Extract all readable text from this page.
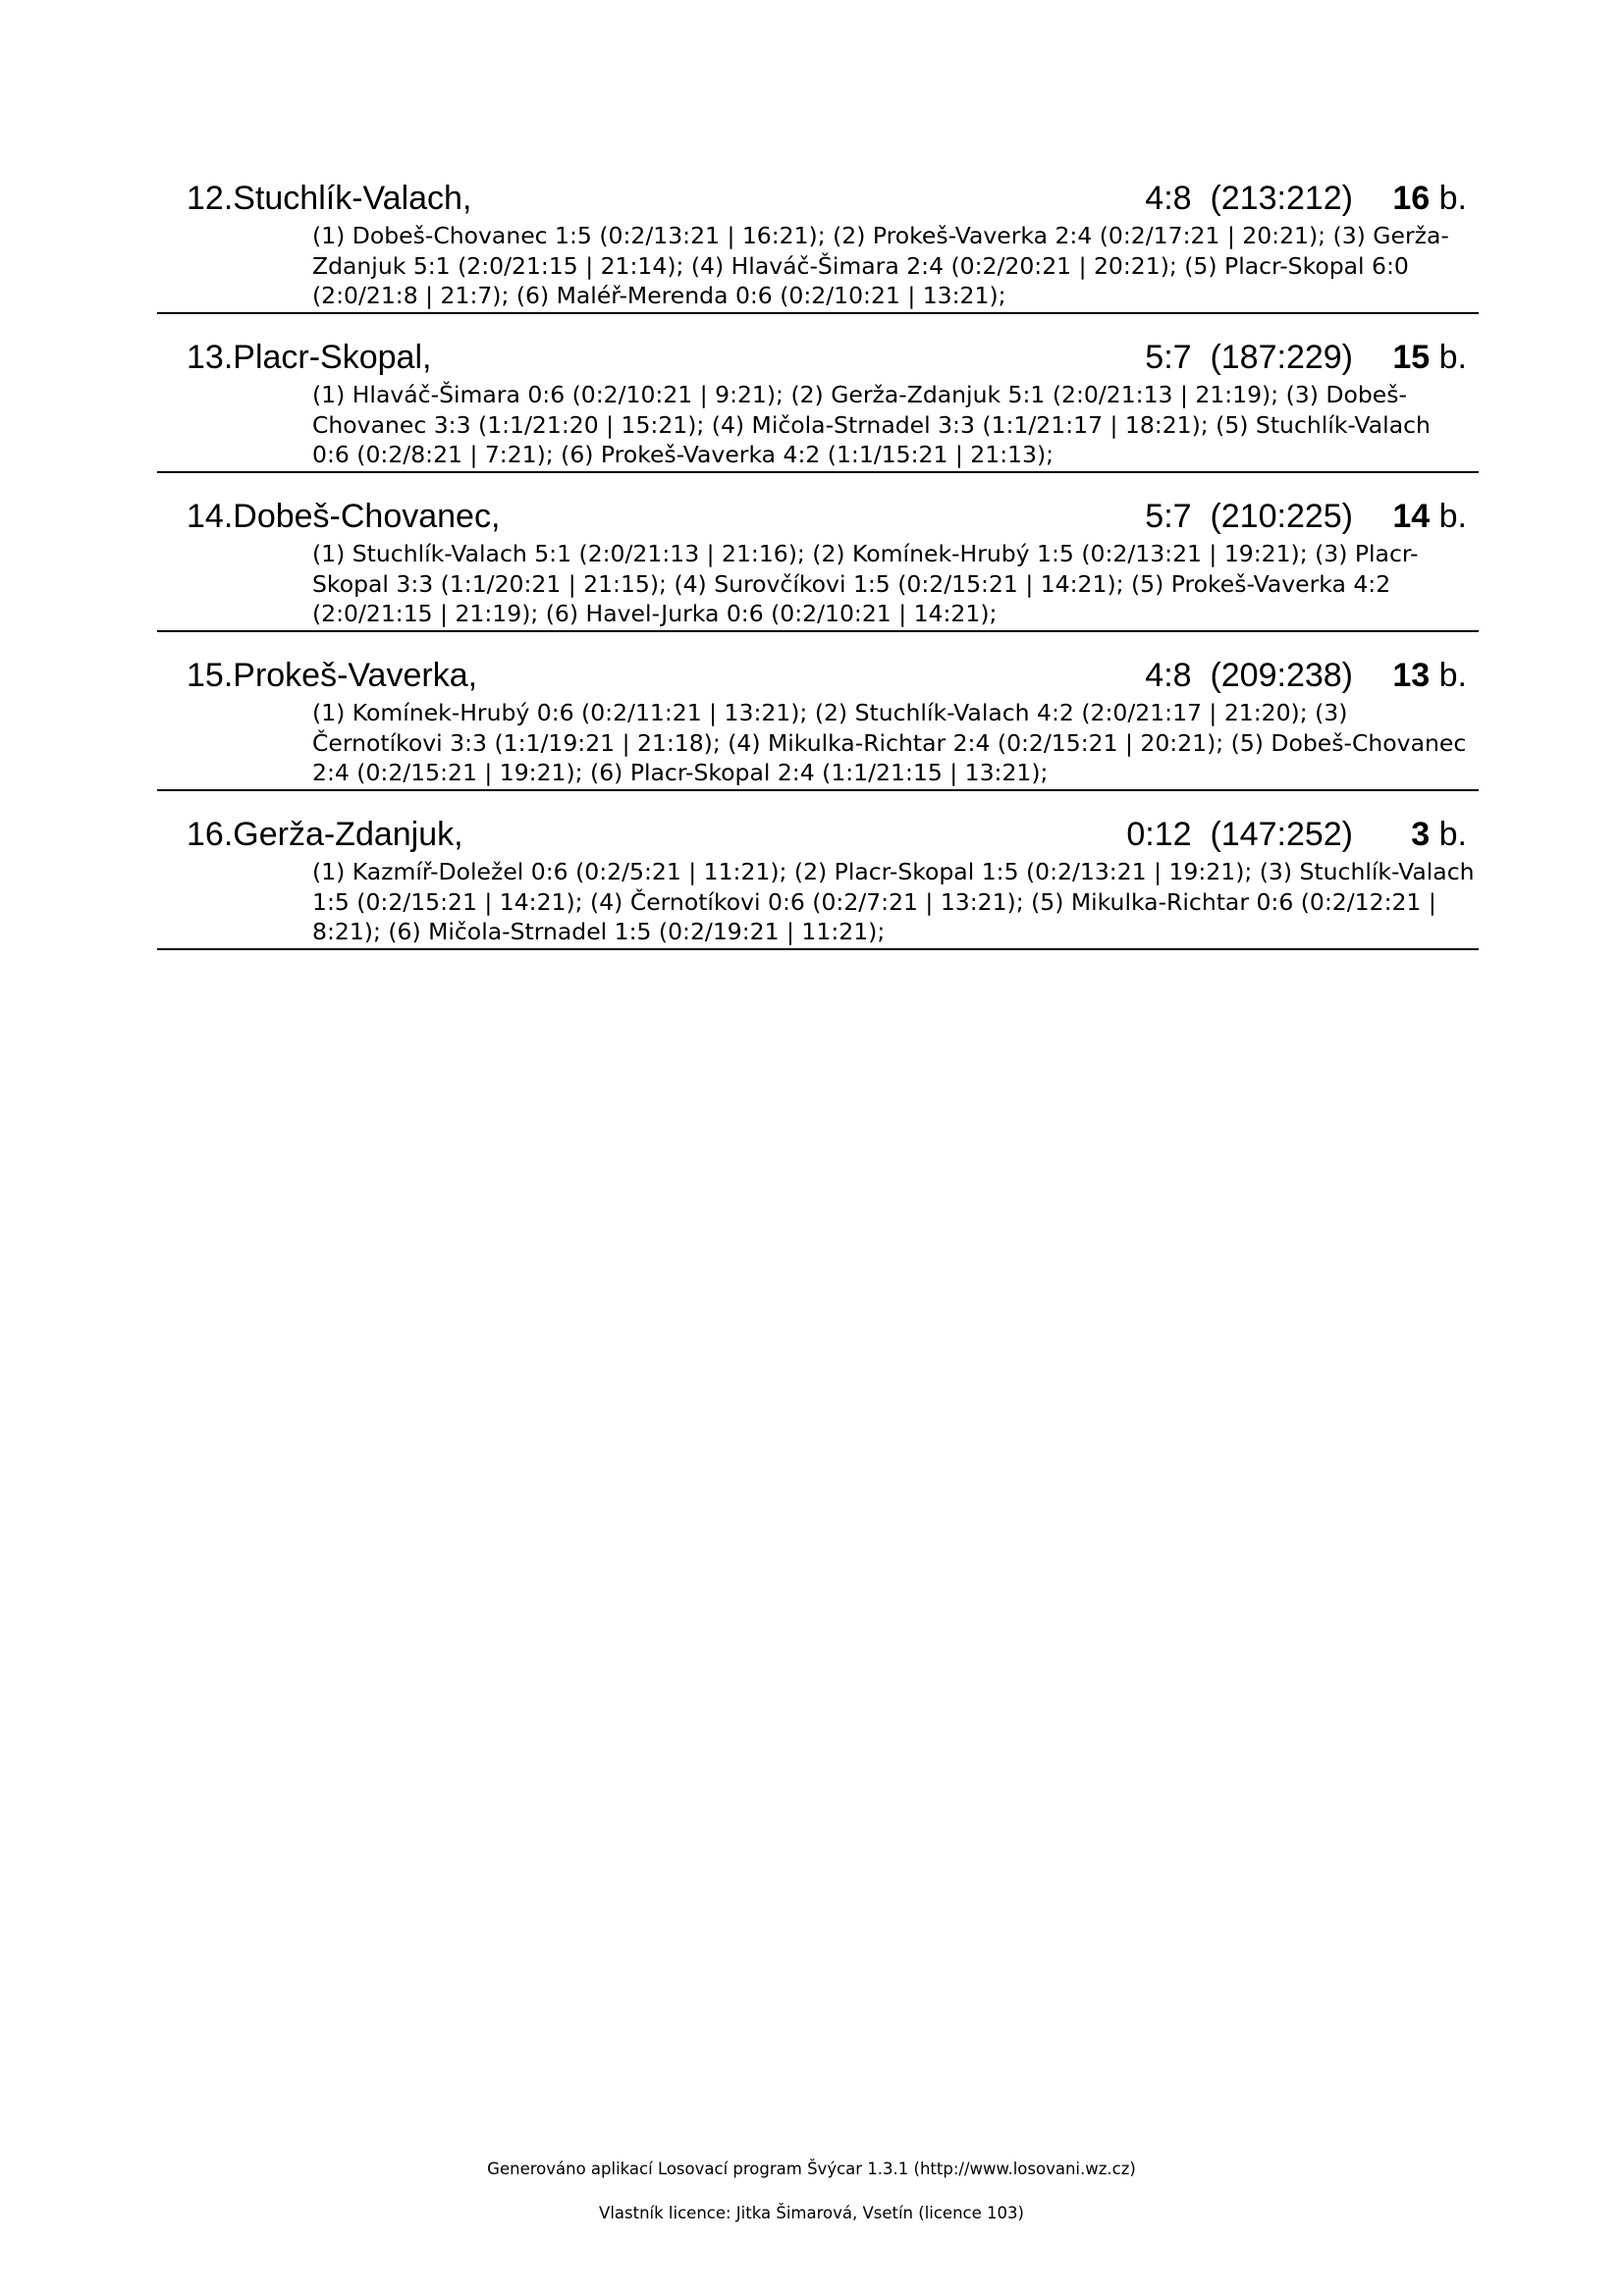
12.Stuchlík-Valach,	4:8 (213:212) 16 b.
(1) Dobeš-Chovanec 1:5 (0:2/13:21 | 16:21); (2) Prokeš-Vaverka 2:4 (0:2/17:21 | 20:21); (3) Gerža-Zdanjuk 5:1 (2:0/21:15 | 21:14); (4) Hlaváč-Šimara 2:4 (0:2/20:21 | 20:21); (5) Placr-Skopal 6:0 (2:0/21:8 | 21:7); (6) Maléř-Merenda 0:6 (0:2/10:21 | 13:21);
13.Placr-Skopal,	5:7 (187:229) 15 b.
(1) Hlaváč-Šimara 0:6 (0:2/10:21 | 9:21); (2) Gerža-Zdanjuk 5:1 (2:0/21:13 | 21:19); (3) Dobeš-Chovanec 3:3 (1:1/21:20 | 15:21); (4) Mičola-Strnadel 3:3 (1:1/21:17 | 18:21); (5) Stuchlík-Valach 0:6 (0:2/8:21 | 7:21); (6) Prokeš-Vaverka 4:2 (1:1/15:21 | 21:13);
14.Dobeš-Chovanec,	5:7 (210:225) 14 b.
(1) Stuchlík-Valach 5:1 (2:0/21:13 | 21:16); (2) Komínek-Hrubý 1:5 (0:2/13:21 | 19:21); (3) Placr-Skopal 3:3 (1:1/20:21 | 21:15); (4) Surovčíkovi 1:5 (0:2/15:21 | 14:21); (5) Prokeš-Vaverka 4:2 (2:0/21:15 | 21:19); (6) Havel-Jurka 0:6 (0:2/10:21 | 14:21);
15.Prokeš-Vaverka,	4:8 (209:238) 13 b.
(1) Komínek-Hrubý 0:6 (0:2/11:21 | 13:21); (2) Stuchlík-Valach 4:2 (2:0/21:17 | 21:20); (3) Černotíkovi 3:3 (1:1/19:21 | 21:18); (4) Mikulka-Richtar 2:4 (0:2/15:21 | 20:21); (5) Dobeš-Chovanec 2:4 (0:2/15:21 | 19:21); (6) Placr-Skopal 2:4 (1:1/21:15 | 13:21);
16.Gerža-Zdanjuk,	0:12 (147:252) 3 b.
(1) Kazmíř-Doležel 0:6 (0:2/5:21 | 11:21); (2) Placr-Skopal 1:5 (0:2/13:21 | 19:21); (3) Stuchlík-Valach 1:5 (0:2/15:21 | 14:21); (4) Černotíkovi 0:6 (0:2/7:21 | 13:21); (5) Mikulka-Richtar 0:6 (0:2/12:21 | 8:21); (6) Mičola-Strnadel 1:5 (0:2/19:21 | 11:21);
Generováno aplikací Losovací program Švýcar 1.3.1 (http://www.losovani.wz.cz)
Vlastník licence: Jitka Šimarová, Vsetín (licence 103)
